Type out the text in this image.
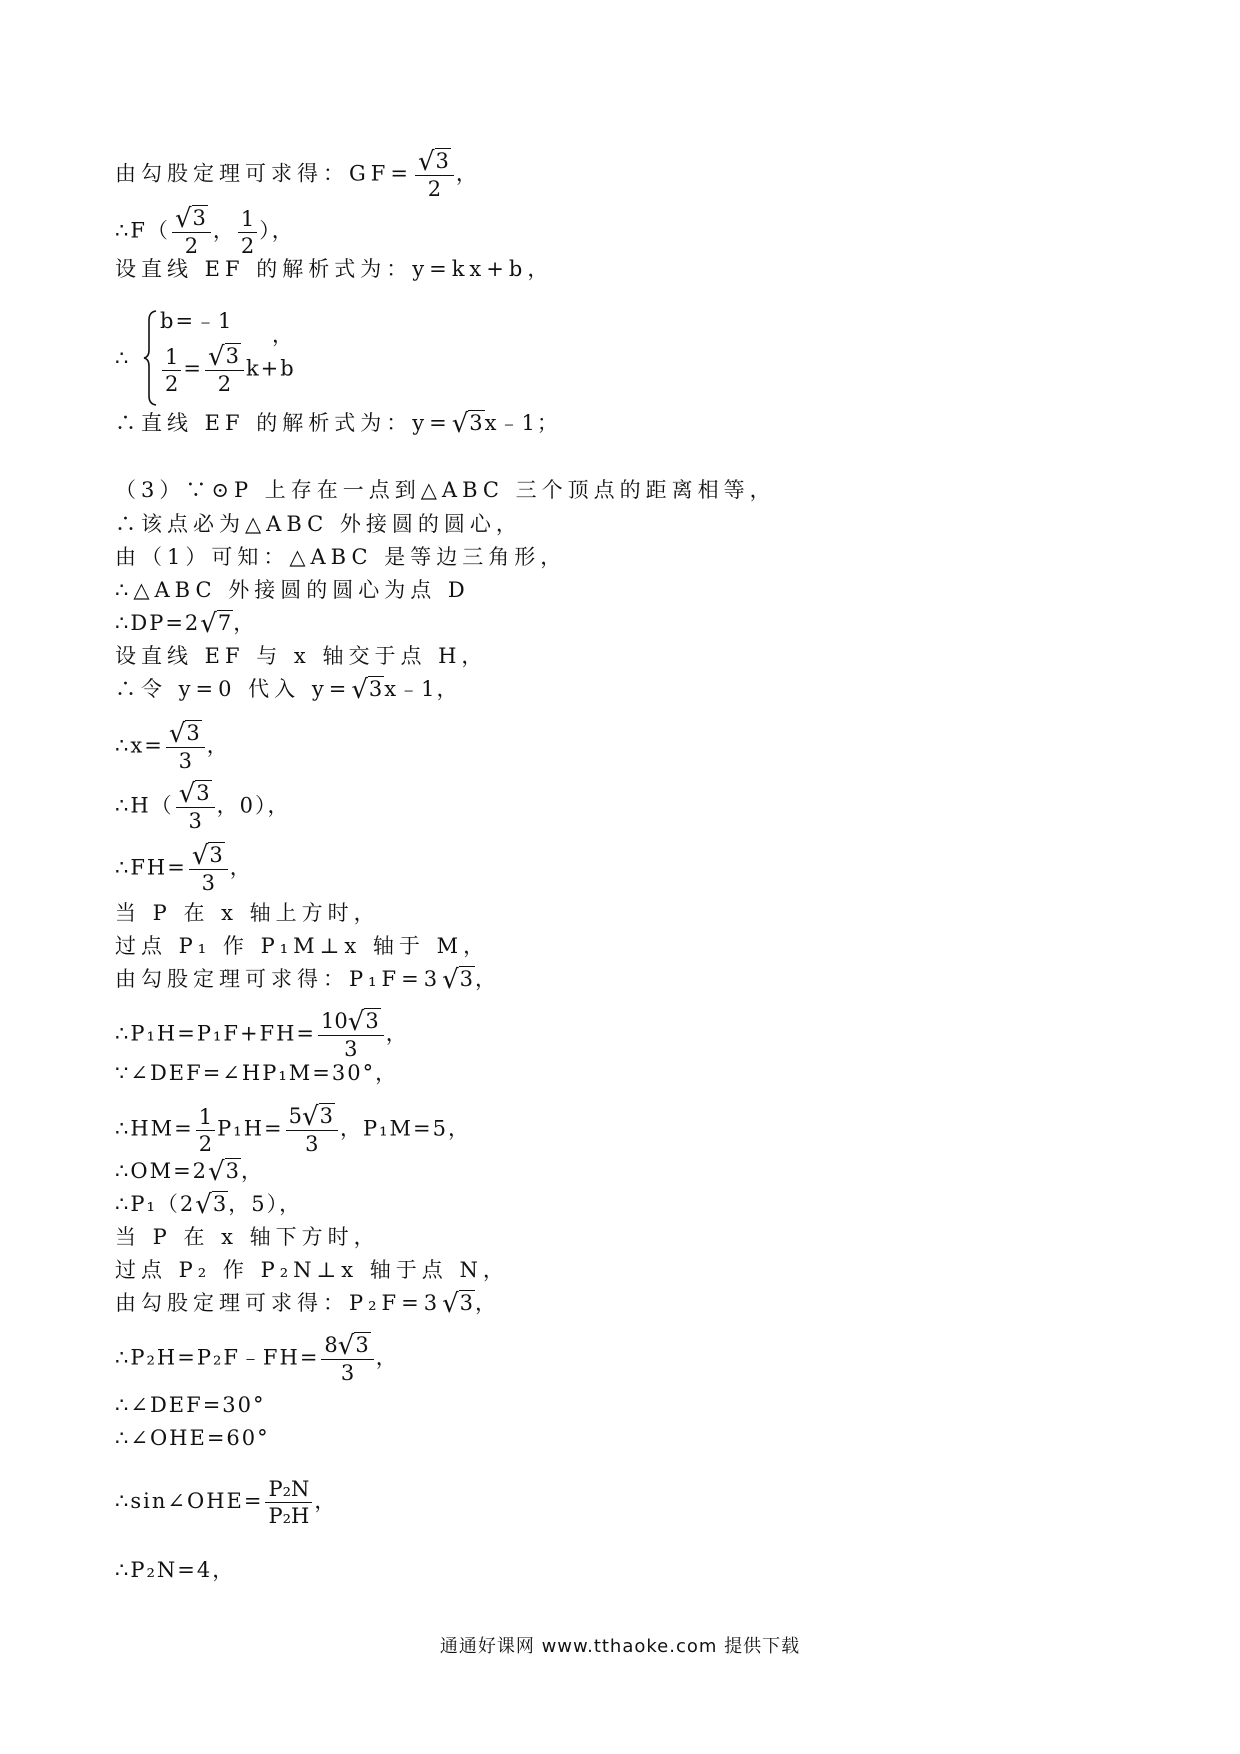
由勾股定理可求得：$GF= \frac{√3}{2}$ ，
∴F（ $\frac{√3}{2}$ ， $\frac{1}{2}$ ），
设直线 EF 的解析式为：y=kx+b，
∴
b=﹣1
$\frac{1}{2} = \frac{√3}{2} k+b$
，
∴直线 EF 的解析式为：y=√3x﹣1；
（3）∵⊙P 上存在一点到△ABC 三个顶点的距离相等，
∴该点必为△ABC 外接圆的圆心，
由（1）可知：△ABC 是等边三角形，
∴△ABC 外接圆的圆心为点 D
∴DP=2√7，
设直线 EF 与 x 轴交于点 H，
∴令 y=0 代入 y=√3x﹣1，
∴x= $\frac{√3}{3}$ ，
∴H（ $\frac{√3}{3}$ ，0），
∴FH= $\frac{√3}{3}$ ，
当 P 在 x 轴上方时，
过点 P₁ 作 P₁M⊥x 轴于 M，
由勾股定理可求得：P₁F=3√3，
∴P₁H=P₁F+FH= $\frac{10√3}{3}$ ，
∵∠DEF=∠HP₁M=30°，
∴HM= $\frac{1}{2} P_1H= \frac{5√3}{3}$ ，P₁M=5，
∴OM=2√3，
∴P₁（2√3，5），
当 P 在 x 轴下方时，
过点 P₂ 作 P₂N⊥x 轴于点 N，
由勾股定理可求得：P₂F=3√3，
∴P₂H=P₂F﹣FH= $\frac{8√3}{3}$ ，
∴∠DEF=30°
∴∠OHE=60°
∴sin∠OHE= $\frac{\text{P₂N}}{\text{P₂H}}$ ，
∴P₂N=4，
通通好课网 www.tthaoke.com 提供下载
